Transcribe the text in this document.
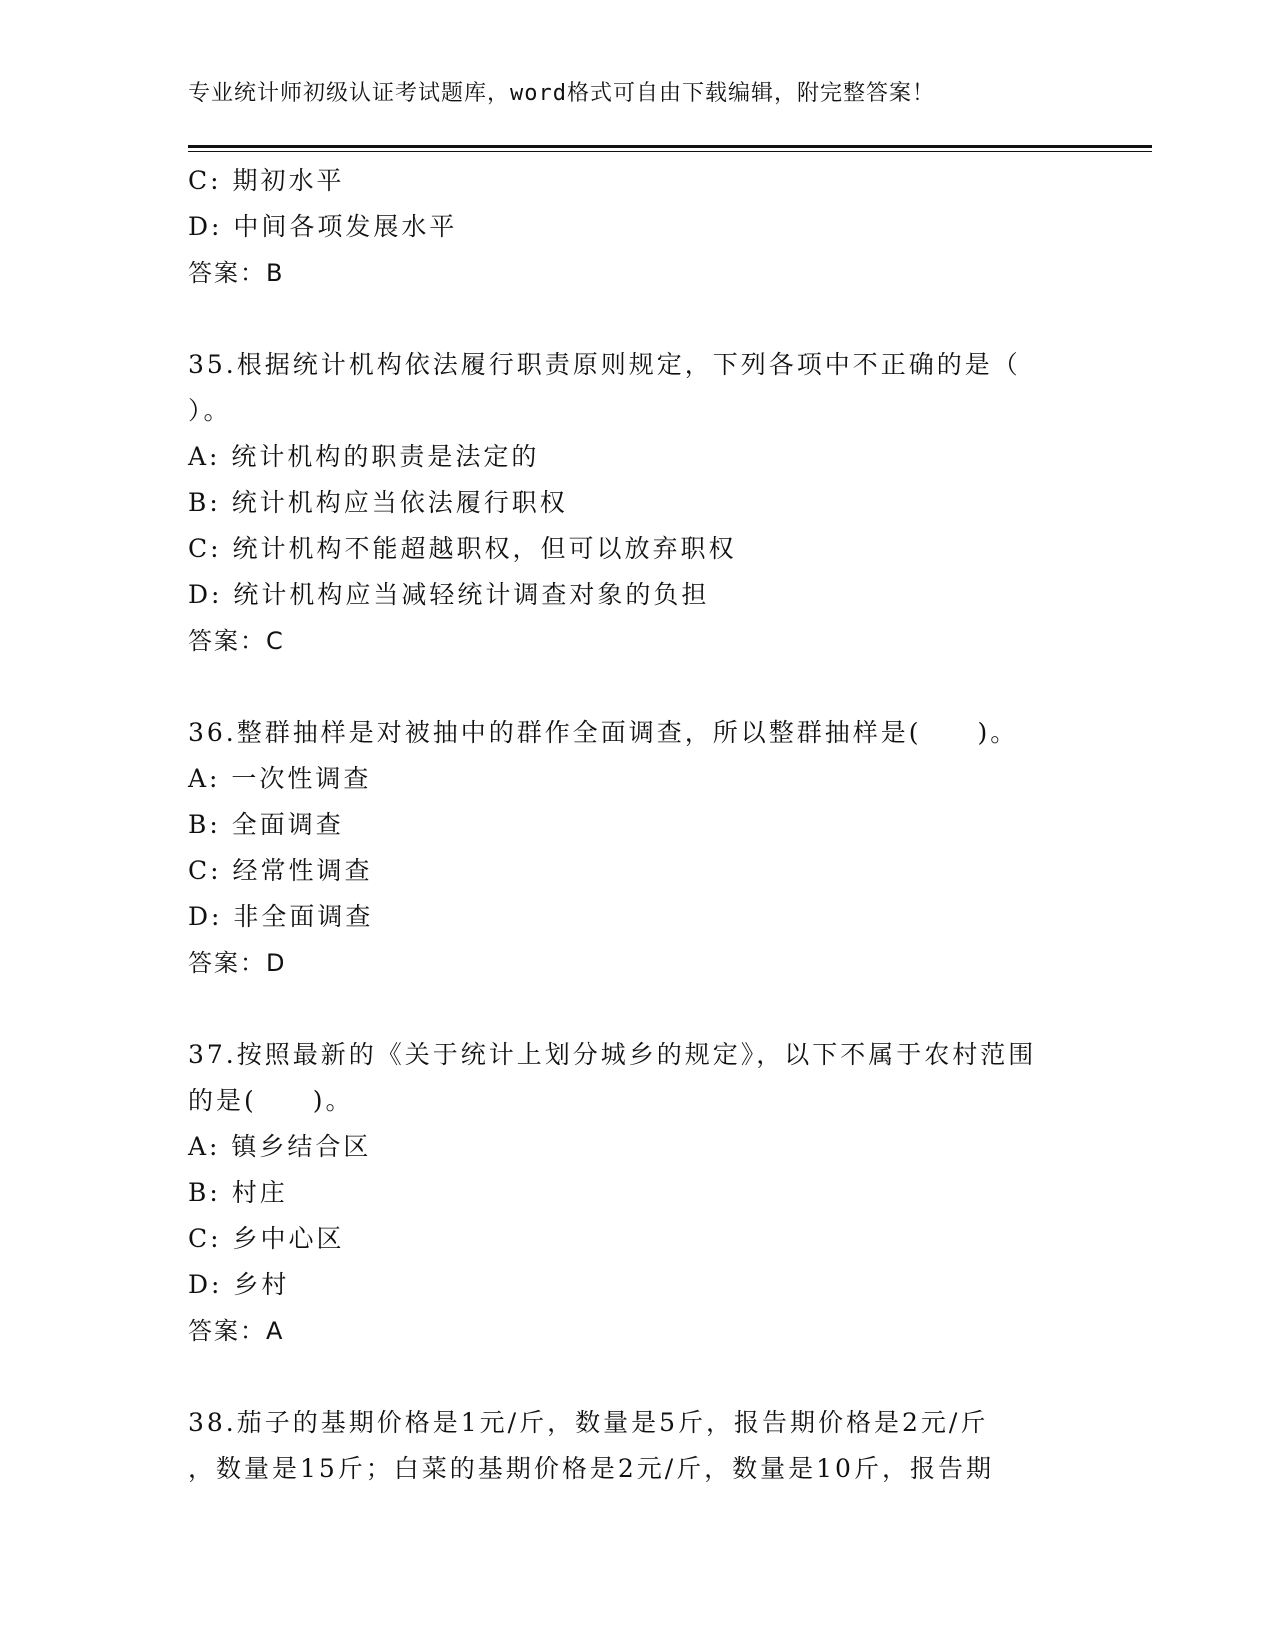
专业统计师初级认证考试题库，word格式可自由下载编辑，附完整答案！
C: 期初水平
D: 中间各项发展水平
答案：B
35.根据统计机构依法履行职责原则规定，下列各项中不正确的是（
）。
A: 统计机构的职责是法定的
B: 统计机构应当依法履行职权
C: 统计机构不能超越职权，但可以放弃职权
D: 统计机构应当减轻统计调查对象的负担
答案：C
36.整群抽样是对被抽中的群作全面调查，所以整群抽样是(　　)。
A: 一次性调查
B: 全面调查
C: 经常性调查
D: 非全面调查
答案：D
37.按照最新的《关于统计上划分城乡的规定》，以下不属于农村范围
的是(　　)。
A: 镇乡结合区
B: 村庄
C: 乡中心区
D: 乡村
答案：A
38.茄子的基期价格是1元/斤，数量是5斤，报告期价格是2元/斤
，数量是15斤；白菜的基期价格是2元/斤，数量是10斤，报告期
